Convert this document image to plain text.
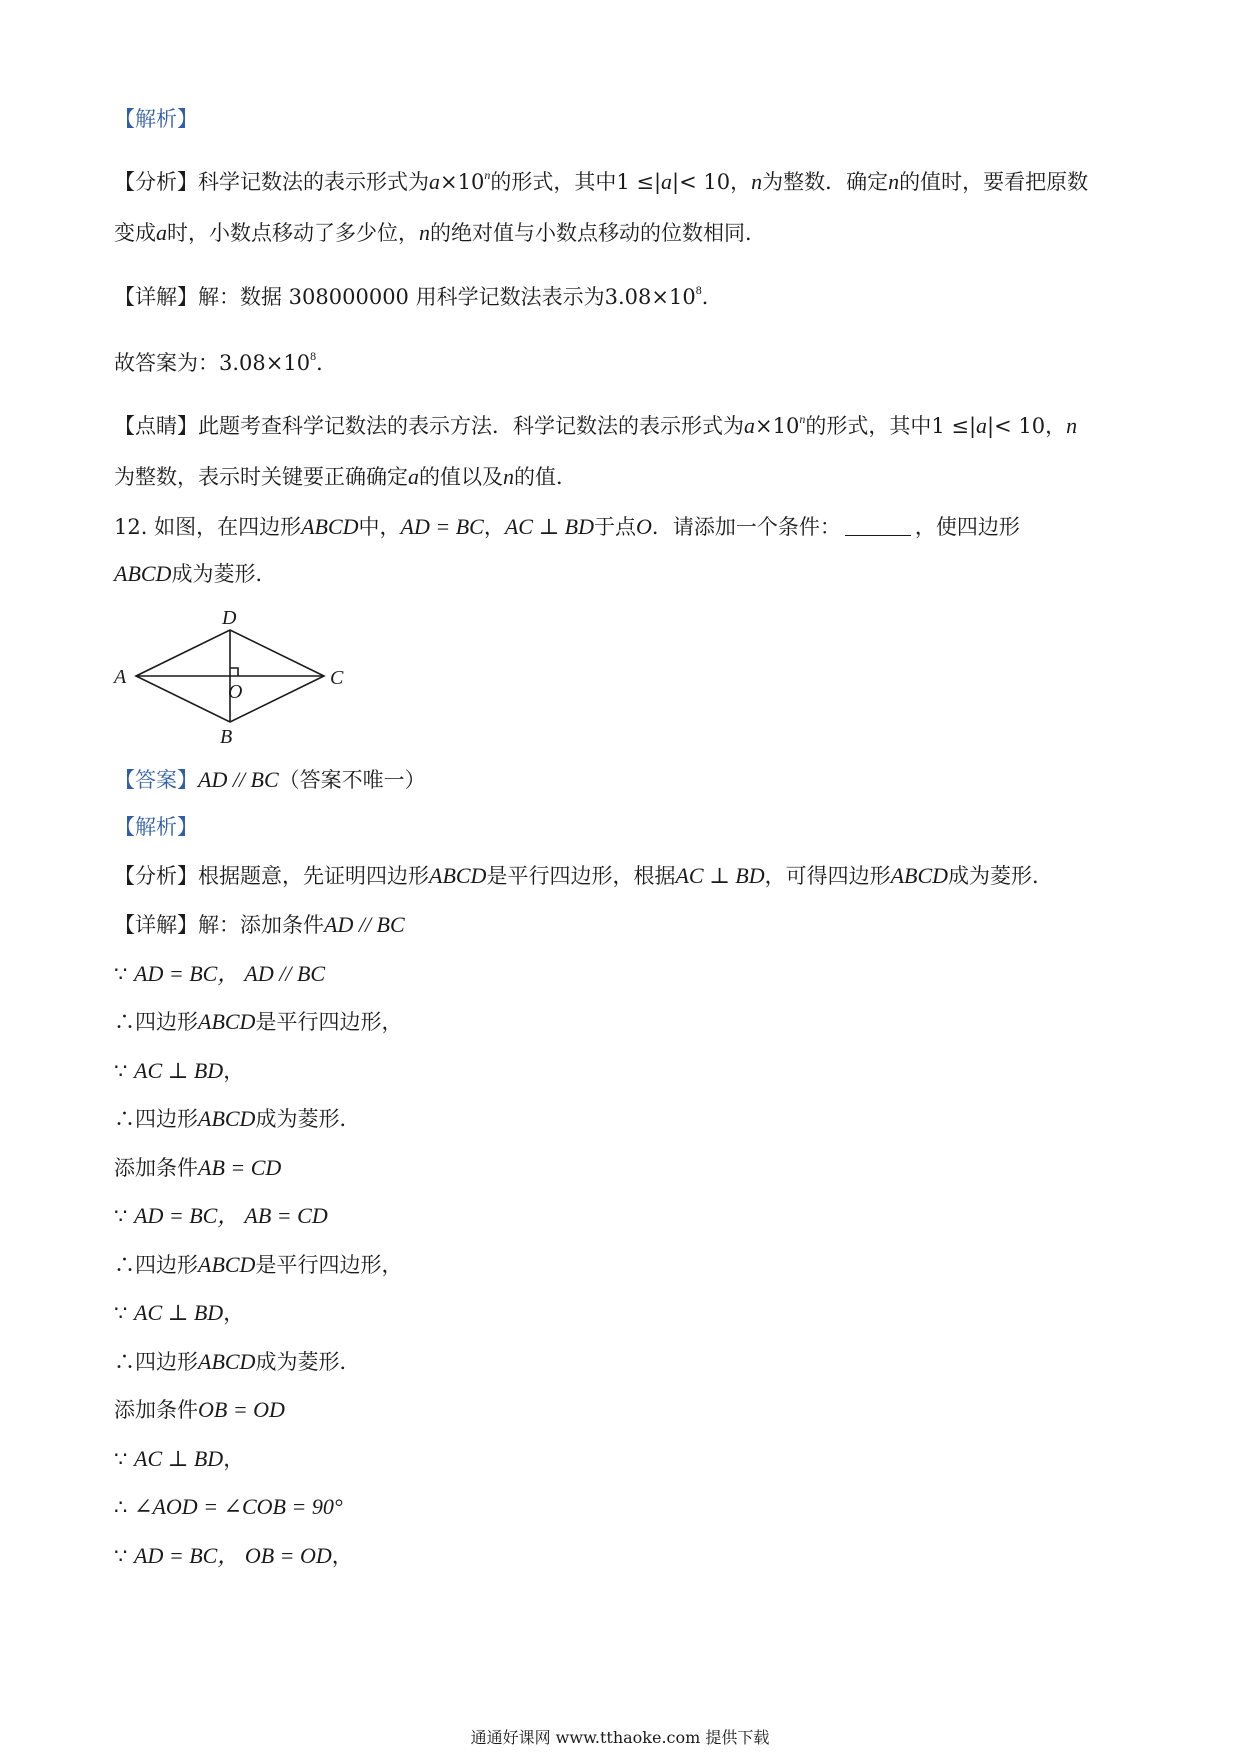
【解析】
【分析】科学记数法的表示形式为$a\times 10^n$的形式，其中1 ≤|a|< 10，n为整数．确定n的值时，要看把原数
变成a时，小数点移动了多少位，n的绝对值与小数点移动的位数相同．
【详解】解：数据 308000000 用科学记数法表示为$3.08\times 10^8$．
故答案为：$3.08\times 10^8$．
【点睛】此题考查科学记数法的表示方法．科学记数法的表示形式为$a\times 10^n$的形式，其中1 ≤|a|< 10，n
为整数，表示时关键要正确确定a的值以及n的值．
12. 如图，在四边形ABCD中，AD = BC，AC ⊥ BD于点O．请添加一个条件：	，使四边形
ABCD成为菱形．
D
A	C
O
B
【答案】AD // BC（答案不唯一）
【解析】
【分析】根据题意，先证明四边形ABCD是平行四边形，根据AC ⊥ BD，可得四边形ABCD成为菱形．
【详解】解：添加条件AD // BC
∵ AD = BC， AD // BC
∴四边形ABCD是平行四边形，
∵ AC ⊥ BD，
∴四边形ABCD成为菱形．
添加条件AB = CD
∵ AD = BC， AB = CD
∴四边形ABCD是平行四边形，
∵ AC ⊥ BD，
∴四边形ABCD成为菱形．
添加条件OB = OD
∵ AC ⊥ BD，
∴ ∠AOD = ∠COB = 90°
∵ AD = BC， OB = OD，
通通好课网 www.tthaoke.com 提供下载
